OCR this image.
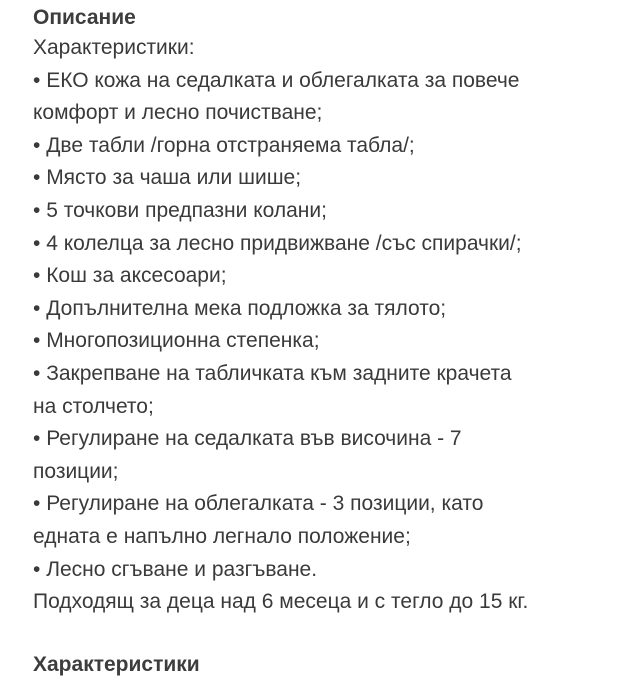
Описание
Характеристики:
• ЕКО кожа на седалката и облегалката за повече
комфорт и лесно почистване;
• Две табли /горна отстраняема табла/;
• Място за чаша или шише;
• 5 точкови предпазни колани;
• 4 колелца за лесно придвижване /със спирачки/;
• Кош за аксесоари;
• Допълнителна мека подложка за тялото;
• Многопозиционна степенка;
• Закрепване на табличката към задните крачета
на столчето;
• Регулиране на седалката във височина - 7
позиции;
• Регулиране на облегалката - 3 позиции, като
едната е напълно легнало положение;
• Лесно сгъване и разгъване.
Подходящ за деца над 6 месеца и с тегло до 15 кг.
Характеристики
